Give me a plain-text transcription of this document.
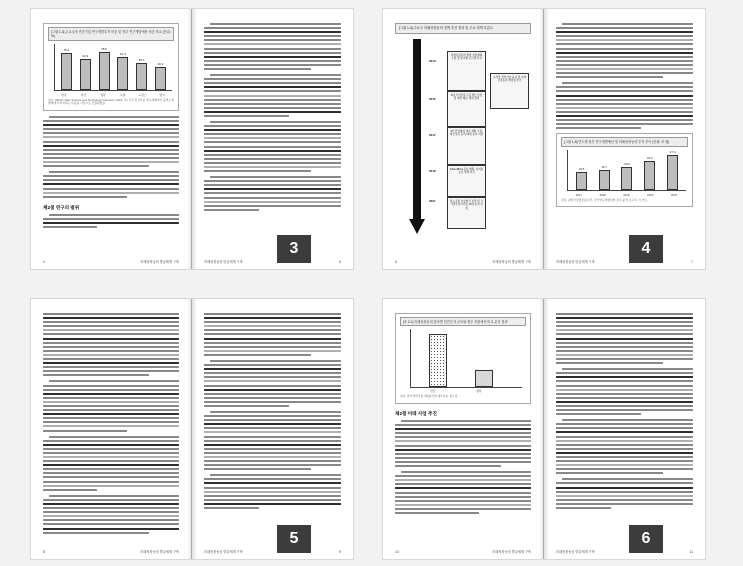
[그림 1-3] 주요국의 민간기업 연구개발투자 비중 및 정부 연구개발예산 비중 비교 (단위: %)
76.2
62.3
78.5
67.4
55.1
46.3
한국	미국	일본	독일	프랑스	영국
자료: OECD, Main Science and Technology Indicators, 2021. 주) 각국 민간부문 연구개발비가 총연구개발비에서 차지하는 비중을 기준으로 산출하였음.
제2절 연구의 범위
4	미래성장동력 발굴체계 구축	미래성장동력 발굴체계 구축	5
3
[그림 1-4] 주요국 미래성장동력 정책 추진 경과 및 주요 정책 흐름도
2013
미래성장동력 종합 실천계획 수립 및 분야별 로드맵 작성
2015
9대 국가전략 프로젝트 선정 및 예산 배분 체계 정비
2017
4차 산업혁명 대응 계획 수립, 혁신성장 동력 13대 분야 지정
2019	DNA+BIG3 중심 재편, 디지털 뉴딜 연계 추진
2021	탄소중립 기술혁신 전략 및 국가필수전략기술 10대 분야 선정
초격차 전략기술 육성 및 미래성장동력 재정립 추진
6	미래성장동력 발굴체계 구축
[그림 1-5] 연도별 정부 연구개발예산 및 미래성장동력 투자 추이 (단위: 조 원)
19.5
19.7
20.5
24.2
27.4
2017	2018	2019	2020	2021
자료: 과학기술정보통신부, 국가연구개발사업 조사·분석 보고서, 각 연도.
미래성장동력 발굴체계 구축	7
4
8	미래성장동력 발굴체계 구축	미래성장동력 발굴체계 구축	9
5
[표 2-1] 미래성장동력 분야별 민간투자 규모와 정부 지원예산 비교 분석 결과
민간	정부
자료: 한국과학기술기획평가원 내부자료 재구성.
제2절 미래 사업 추진
10	미래성장동력 발굴체계 구축	미래성장동력 발굴체계 구축	11
6
